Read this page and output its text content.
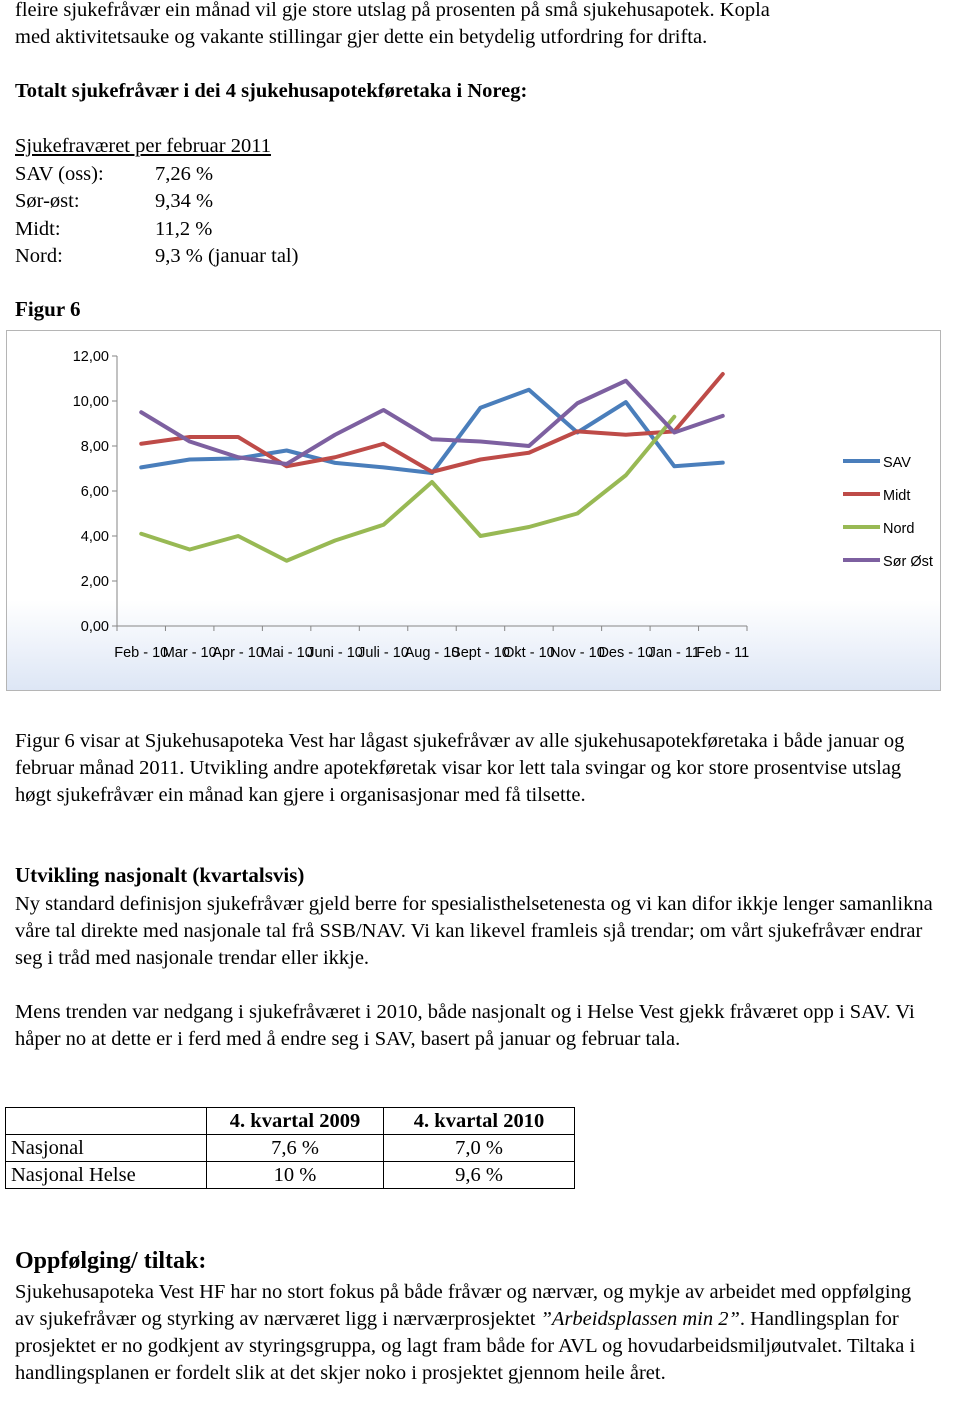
fleire sjukefråvær ein månad vil gje store utslag på prosenten på små sjukehusapotek. Kopla

med aktivitetsauke og vakante stillingar gjer dette ein betydelig utfordring for drifta.

Totalt sjukefråvær i dei 4 sjukehusapotekføretaka i Noreg:

Sjukefraværet per februar 2011
SAV (oss):	7,26 %
Sør-øst:	9,34 %
Midt:	11,2 %
Nord:	9,3 % (januar tal)
Figur 6
0,00
2,00
4,00
6,00
8,00
10,00
12,00
Feb - 10
Mar - 10
Apr - 10
Mai - 10
Juni - 10
Juli - 10
Aug - 10
Sept - 10
Okt - 10
Nov - 10
Des - 10
Jan - 11
Feb - 11
SAV
Midt
Nord
Sør Øst

Figur 6 visar at Sjukehusapoteka Vest har lågast sjukefråvær av alle sjukehusapotekføretaka i både januar og februar månad 2011. Utvikling andre apotekføretak visar kor lett tala svingar og kor store prosentvise utslag høgt sjukefråvær ein månad kan gjere i organisasjonar med få tilsette.

Utvikling nasjonalt (kvartalsvis)

Ny standard definisjon sjukefråvær gjeld berre for spesialisthelsetenesta og vi kan difor ikkje lenger samanlikna våre tal direkte med nasjonale tal frå SSB/NAV. Vi kan likevel framleis sjå trendar; om vårt sjukefråvær endrar seg i tråd med nasjonale trendar eller ikkje.

Mens trenden var nedgang i sjukefråværet i 2010, både nasjonalt og i Helse Vest gjekk fråværet opp i SAV. Vi håper no at dette er i ferd med å endre seg i SAV, basert på januar og februar tala.

	4. kvartal 2009	4. kvartal 2010
Nasjonal	7,6 %	7,0 %
Nasjonal Helse	10 %	9,6 %
Oppfølging/ tiltak:

Sjukehusapoteka Vest HF har no stort fokus på både fråvær og nærvær, og mykje av arbeidet med oppfølging av sjukefråvær og styrking av nærværet ligg i nærværprosjektet ”Arbeidsplassen min 2”. Handlingsplan for prosjektet er no godkjent av styringsgruppa, og lagt fram både for AVL og hovudarbeidsmiljøutvalet. Tiltaka i handlingsplanen er fordelt slik at det skjer noko i prosjektet gjennom heile året.
